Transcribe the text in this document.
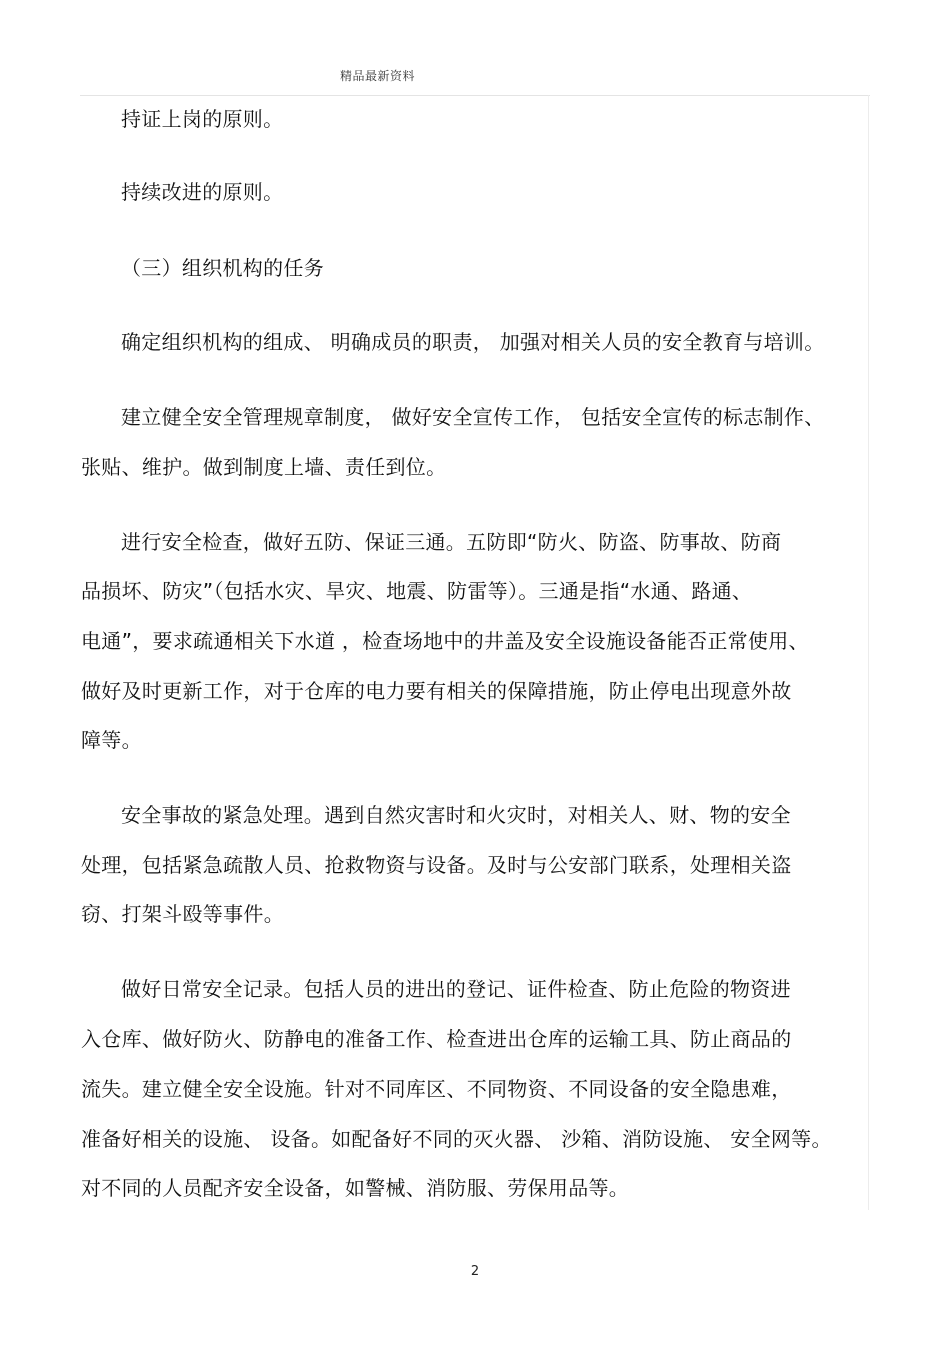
精品最新资料
持证上岗的原则。
持续改进的原则。
（三）组织机构的任务
确定组织机构的组成、 明确成员的职责， 加强对相关人员的安全教育与培训。
建立健全安全管理规章制度， 做好安全宣传工作， 包括安全宣传的标志制作、
张贴、维护。做到制度上墙、责任到位。
进行安全检查，做好五防、保证三通。五防即“防火、防盗、防事故、防商
品损坏、防灾”（包括水灾、旱灾、地震、防雷等）。三通是指“水通、路通、
电通”，要求疏通相关下水道 ，检查场地中的井盖及安全设施设备能否正常使用、
做好及时更新工作，对于仓库的电力要有相关的保障措施，防止停电出现意外故
障等。
安全事故的紧急处理。遇到自然灾害时和火灾时，对相关人、财、物的安全
处理，包括紧急疏散人员、抢救物资与设备。及时与公安部门联系，处理相关盗
窃、打架斗殴等事件。
做好日常安全记录。包括人员的进出的登记、证件检查、防止危险的物资进
入仓库、做好防火、防静电的准备工作、检查进出仓库的运输工具、防止商品的
流失。建立健全安全设施。针对不同库区、不同物资、不同设备的安全隐患难，
准备好相关的设施、 设备。如配备好不同的灭火器、 沙箱、消防设施、 安全网等。
对不同的人员配齐安全设备，如警械、消防服、劳保用品等。
2
